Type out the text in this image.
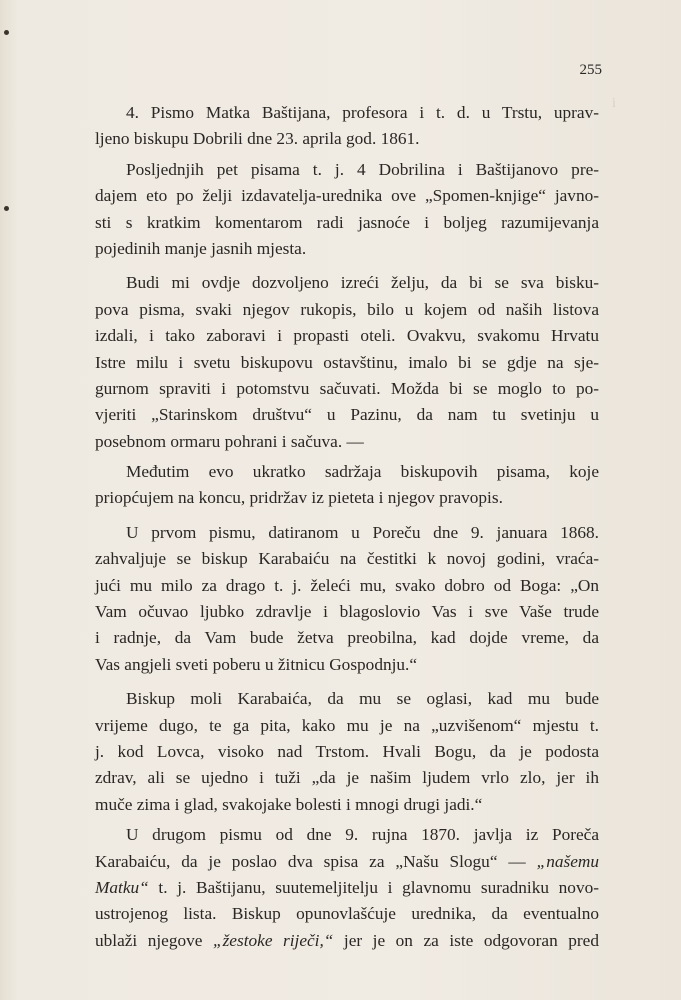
i
255
4. Pismo Matka Baštijana, profesora i t. d. u Trstu, uprav-
ljeno biskupu Dobrili dne 23. aprila god. 1861.
Posljednjih pet pisama t. j. 4 Dobrilina i Baštijanovo pre-
dajem eto po želji izdavatelja-urednika ove „Spomen-knjige“ javno-
sti s kratkim komentarom radi jasnoće i boljeg razumijevanja
pojedinih manje jasnih mjesta.
Budi mi ovdje dozvoljeno izreći želju, da bi se sva bisku-
pova pisma, svaki njegov rukopis, bilo u kojem od naših listova
izdali, i tako zaboravi i propasti oteli. Ovakvu, svakomu Hrvatu
Istre milu i svetu biskupovu ostavštinu, imalo bi se gdje na sje-
gurnom spraviti i potomstvu sačuvati. Možda bi se moglo to po-
vjeriti „Starinskom društvu“ u Pazinu, da nam tu svetinju u
posebnom ormaru pohrani i sačuva. —
Međutim evo ukratko sadržaja biskupovih pisama, koje
priopćujem na koncu, pridržav iz pieteta i njegov pravopis.
U prvom pismu, datiranom u Poreču dne 9. januara 1868.
zahvaljuje se biskup Karabaiću na čestitki k novoj godini, vraća-
jući mu milo za drago t. j. želeći mu, svako dobro od Boga: „On
Vam očuvao ljubko zdravlje i blagoslovio Vas i sve Vaše trude
i radnje, da Vam bude žetva preobilna, kad dojde vreme, da
Vas angjeli sveti poberu u žitnicu Gospodnju.“
Biskup moli Karabaića, da mu se oglasi, kad mu bude
vrijeme dugo, te ga pita, kako mu je na „uzvišenom“ mjestu t.
j. kod Lovca, visoko nad Trstom. Hvali Bogu, da je podosta
zdrav, ali se ujedno i tuži „da je našim ljudem vrlo zlo, jer ih
muče zima i glad, svakojake bolesti i mnogi drugi jadi.“
U drugom pismu od dne 9. rujna 1870. javlja iz Poreča
Karabaiću, da je poslao dva spisa za „Našu Slogu“ — „našemu
Matku“ t. j. Baštijanu, suutemeljitelju i glavnomu suradniku novo-
ustrojenog lista. Biskup opunovlašćuje urednika, da eventualno
ublaži njegove „žestoke riječi,“ jer je on za iste odgovoran pred
